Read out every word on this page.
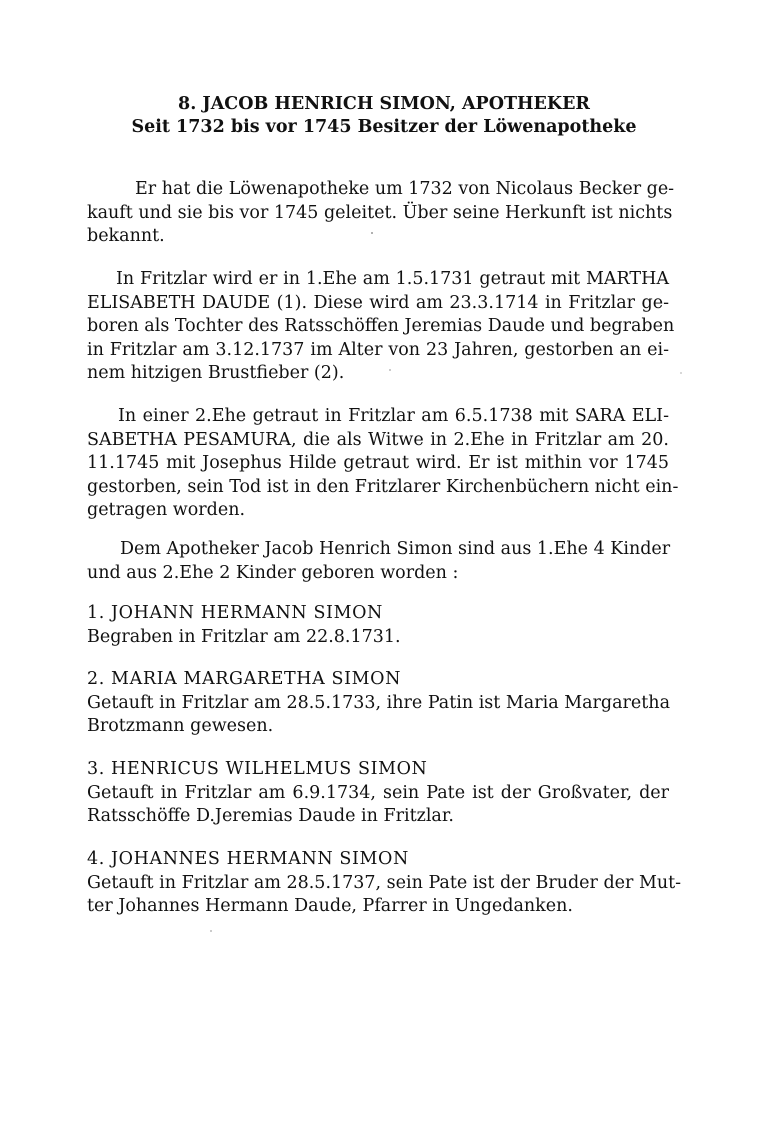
8. JACOB HENRICH SIMON, APOTHEKER
Seit 1732 bis vor 1745 Besitzer der Löwenapotheke
Er hat die Löwenapotheke um 1732 von Nicolaus Becker ge-
kauft und sie bis vor 1745 geleitet. Über seine Herkunft ist nichts
bekannt.
In Fritzlar wird er in 1.Ehe am 1.5.1731 getraut mit MARTHA
ELISABETH DAUDE (1). Diese wird am 23.3.1714 in Fritzlar ge-
boren als Tochter des Ratsschöffen Jeremias Daude und begraben
in Fritzlar am 3.12.1737 im Alter von 23 Jahren, gestorben an ei-
nem hitzigen Brustfieber (2).
In einer 2.Ehe getraut in Fritzlar am 6.5.1738 mit SARA ELI-
SABETHA PESAMURA, die als Witwe in 2.Ehe in Fritzlar am 20.
11.1745 mit Josephus Hilde getraut wird. Er ist mithin vor 1745
gestorben, sein Tod ist in den Fritzlarer Kirchenbüchern nicht ein-
getragen worden.
Dem Apotheker Jacob Henrich Simon sind aus 1.Ehe 4 Kinder
und aus 2.Ehe 2 Kinder geboren worden :
1. JOHANN HERMANN SIMON
Begraben in Fritzlar am 22.8.1731.
2. MARIA MARGARETHA SIMON
Getauft in Fritzlar am 28.5.1733, ihre Patin ist Maria Margaretha
Brotzmann gewesen.
3. HENRICUS WILHELMUS SIMON
Getauft in Fritzlar am 6.9.1734, sein Pate ist der Großvater, der
Ratsschöffe D.Jeremias Daude in Fritzlar.
4. JOHANNES HERMANN SIMON
Getauft in Fritzlar am 28.5.1737, sein Pate ist der Bruder der Mut-
ter Johannes Hermann Daude, Pfarrer in Ungedanken.
